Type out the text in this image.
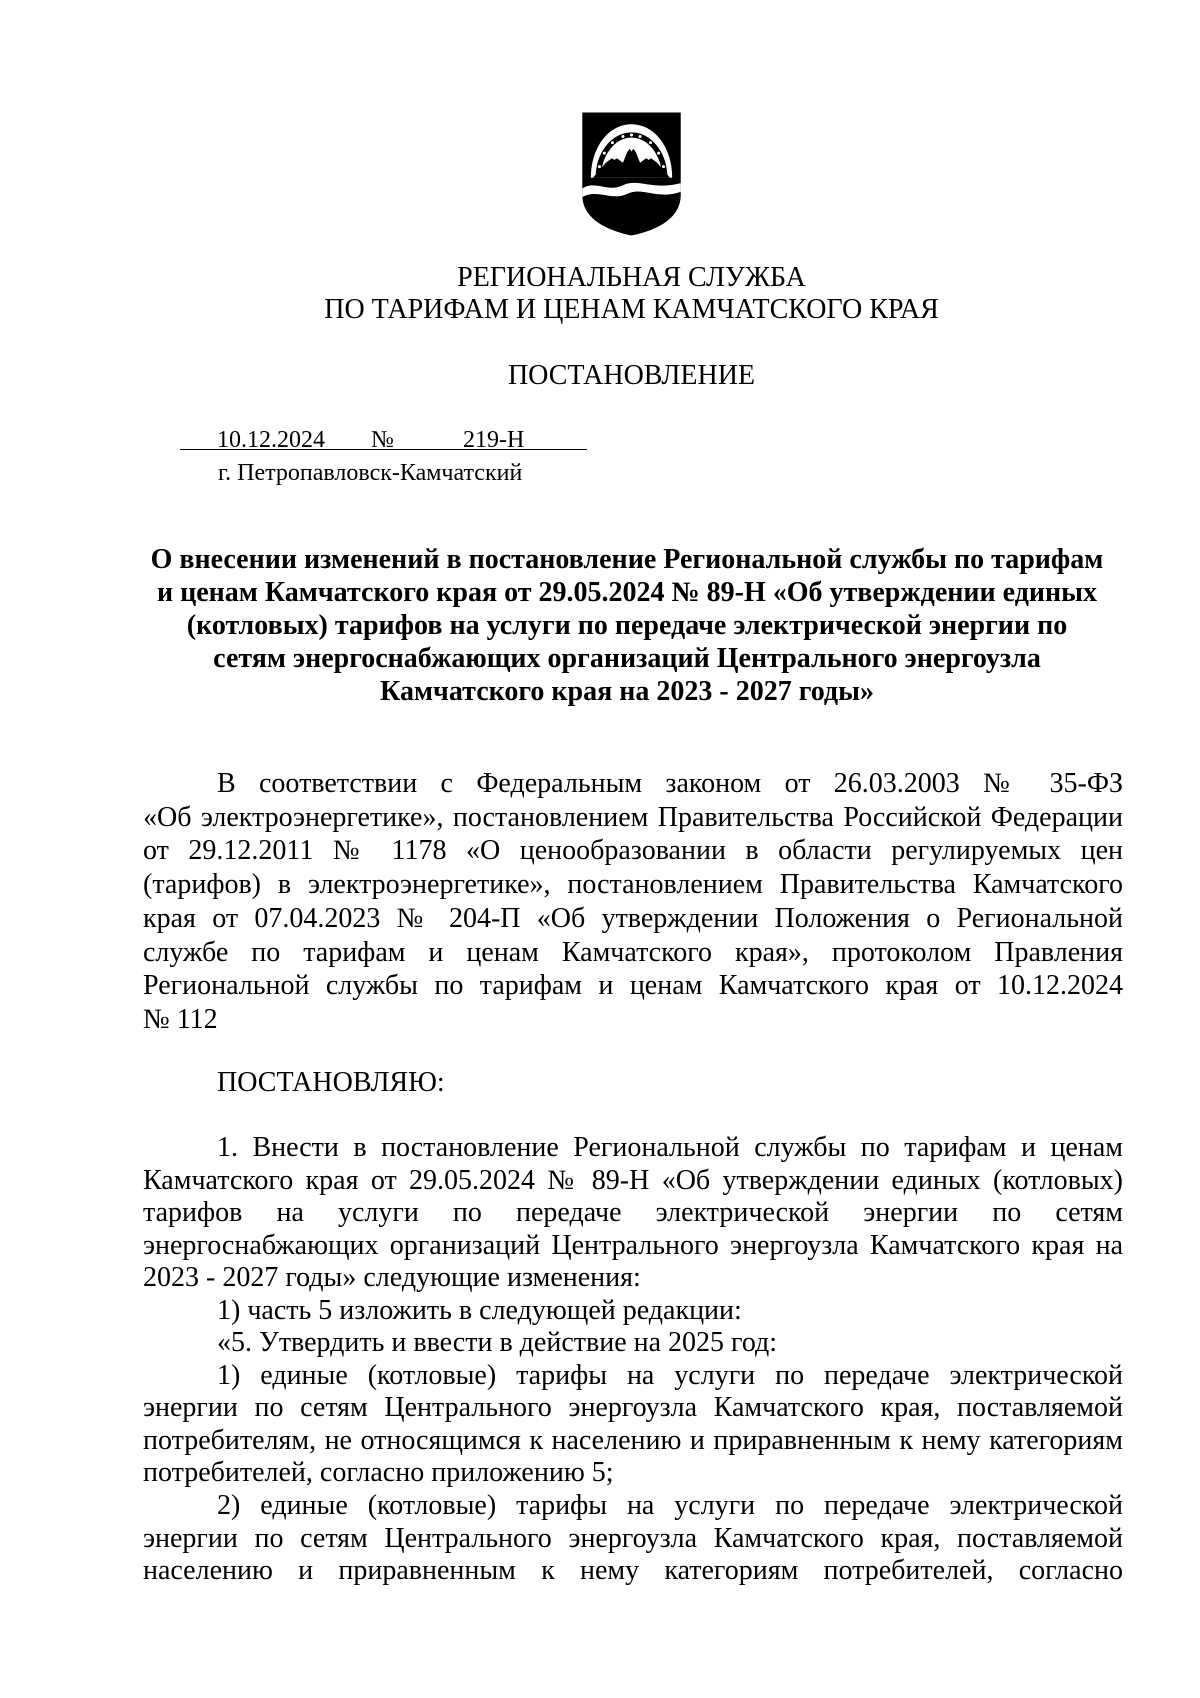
РЕГИОНАЛЬНАЯ СЛУЖБА
ПО ТАРИФАМ И ЦЕНАМ КАМЧАТСКОГО КРАЯ
ПОСТАНОВЛЕНИЕ
10.12.2024 №	219-Н
г. Петропавловск-Камчатский
О внесении изменений в постановление Региональной службы по тарифам
и ценам Камчатского края от 29.05.2024 № 89-Н «Об утверждении единых
(котловых) тарифов на услуги по передаче электрической энергии по
сетям энергоснабжающих организаций Центрального энергоузла
Камчатского края на 2023 - 2027 годы»
В соответствии с Федеральным законом от 26.03.2003 № 35-ФЗ
«Об электроэнергетике», постановлением Правительства Российской Федерации
от 29.12.2011 № 1178 «О ценообразовании в области регулируемых цен
(тарифов) в электроэнергетике», постановлением Правительства Камчатского
края от 07.04.2023 № 204-П «Об утверждении Положения о Региональной
службе по тарифам и ценам Камчатского края», протоколом Правления
Региональной службы по тарифам и ценам Камчатского края от 10.12.2024
№ 112
ПОСТАНОВЛЯЮ:
1. Внести в постановление Региональной службы по тарифам и ценам
Камчатского края от 29.05.2024 № 89-Н «Об утверждении единых (котловых)
тарифов на услуги по передаче электрической энергии по сетям
энергоснабжающих организаций Центрального энергоузла Камчатского края на
2023 - 2027 годы» следующие изменения:
1) часть 5 изложить в следующей редакции:
«5. Утвердить и ввести в действие на 2025 год:
1) единые (котловые) тарифы на услуги по передаче электрической
энергии по сетям Центрального энергоузла Камчатского края, поставляемой
потребителям, не относящимся к населению и приравненным к нему категориям
потребителей, согласно приложению 5;
2) единые (котловые) тарифы на услуги по передаче электрической
энергии по сетям Центрального энергоузла Камчатского края, поставляемой
населению и приравненным к нему категориям потребителей, согласно
